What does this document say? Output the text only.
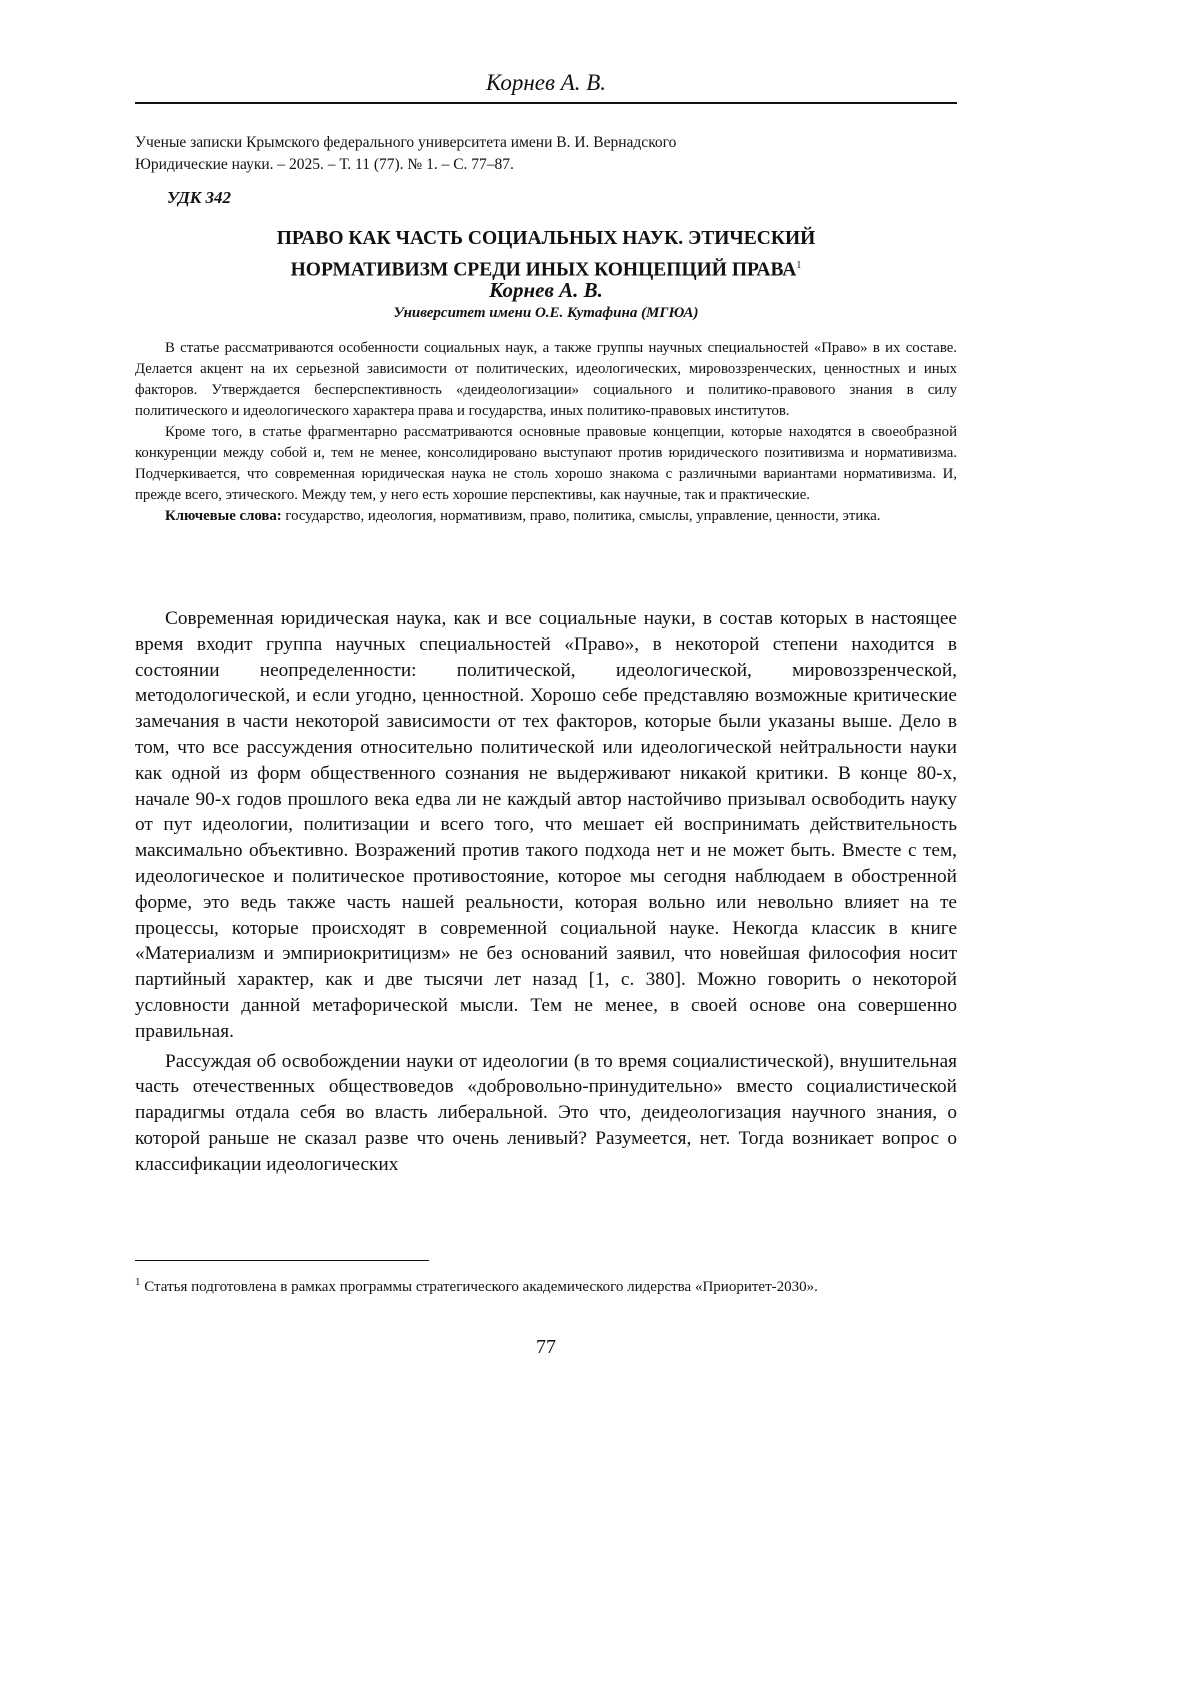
Корнев А. В.
Ученые записки Крымского федерального университета имени В. И. Вернадского
Юридические науки. – 2025. – Т. 11 (77). № 1. – С. 77–87.
УДК 342
ПРАВО КАК ЧАСТЬ СОЦИАЛЬНЫХ НАУК. ЭТИЧЕСКИЙ
НОРМАТИВИЗМ СРЕДИ ИНЫХ КОНЦЕПЦИЙ ПРАВА1
Корнев А. В.
Университет имени О.Е. Кутафина (МГЮА)

В статье рассматриваются особенности социальных наук, а также группы научных специальностей «Право» в их составе. Делается акцент на их серьезной зависимости от политических, идеологических, мировоззренческих, ценностных и иных факторов. Утверждается бесперспективность «деидеологизации» социального и политико-правового знания в силу политического и идеологического характера права и государства, иных политико-правовых институтов.

Кроме того, в статье фрагментарно рассматриваются основные правовые концепции, которые находятся в своеобразной конкуренции между собой и, тем не менее, консолидировано выступают против юридического позитивизма и нормативизма. Подчеркивается, что современная юридическая наука не столь хорошо знакома с различными вариантами нормативизма. И, прежде всего, этического. Между тем, у него есть хорошие перспективы, как научные, так и практические.

Ключевые слова: государство, идеология, нормативизм, право, политика, смыслы, управление, ценности, этика.

Современная юридическая наука, как и все социальные науки, в состав которых в настоящее время входит группа научных специальностей «Право», в некоторой степени находится в состоянии неопределенности: политической, идеологической, мировоззренческой, методологической, и если угодно, ценностной. Хорошо себе представляю возможные критические замечания в части некоторой зависимости от тех факторов, которые были указаны выше. Дело в том, что все рассуждения относительно политической или идеологической нейтральности науки как одной из форм общественного сознания не выдерживают никакой критики. В конце 80-х, начале 90-х годов прошлого века едва ли не каждый автор настойчиво призывал освободить науку от пут идеологии, политизации и всего того, что мешает ей воспринимать действительность максимально объективно. Возражений против такого подхода нет и не может быть. Вместе с тем, идеологическое и политическое противостояние, которое мы сегодня наблюдаем в обостренной форме, это ведь также часть нашей реальности, которая вольно или невольно влияет на те процессы, которые происходят в современной социальной науке. Некогда классик в книге «Материализм и эмпириокритицизм» не без оснований заявил, что новейшая философия носит партийный характер, как и две тысячи лет назад [1, с. 380]. Можно говорить о некоторой условности данной метафорической мысли. Тем не менее, в своей основе она совершенно правильная.

Рассуждая об освобождении науки от идеологии (в то время социалистической), внушительная часть отечественных обществоведов «добровольно-принудительно» вместо социалистической парадигмы отдала себя во власть либеральной. Это что, деидеологизация научного знания, о которой раньше не сказал разве что очень ленивый? Разумеется, нет. Тогда возникает вопрос о классификации идеологических

1 Статья подготовлена в рамках программы стратегического академического лидерства «Приоритет-2030».
77
